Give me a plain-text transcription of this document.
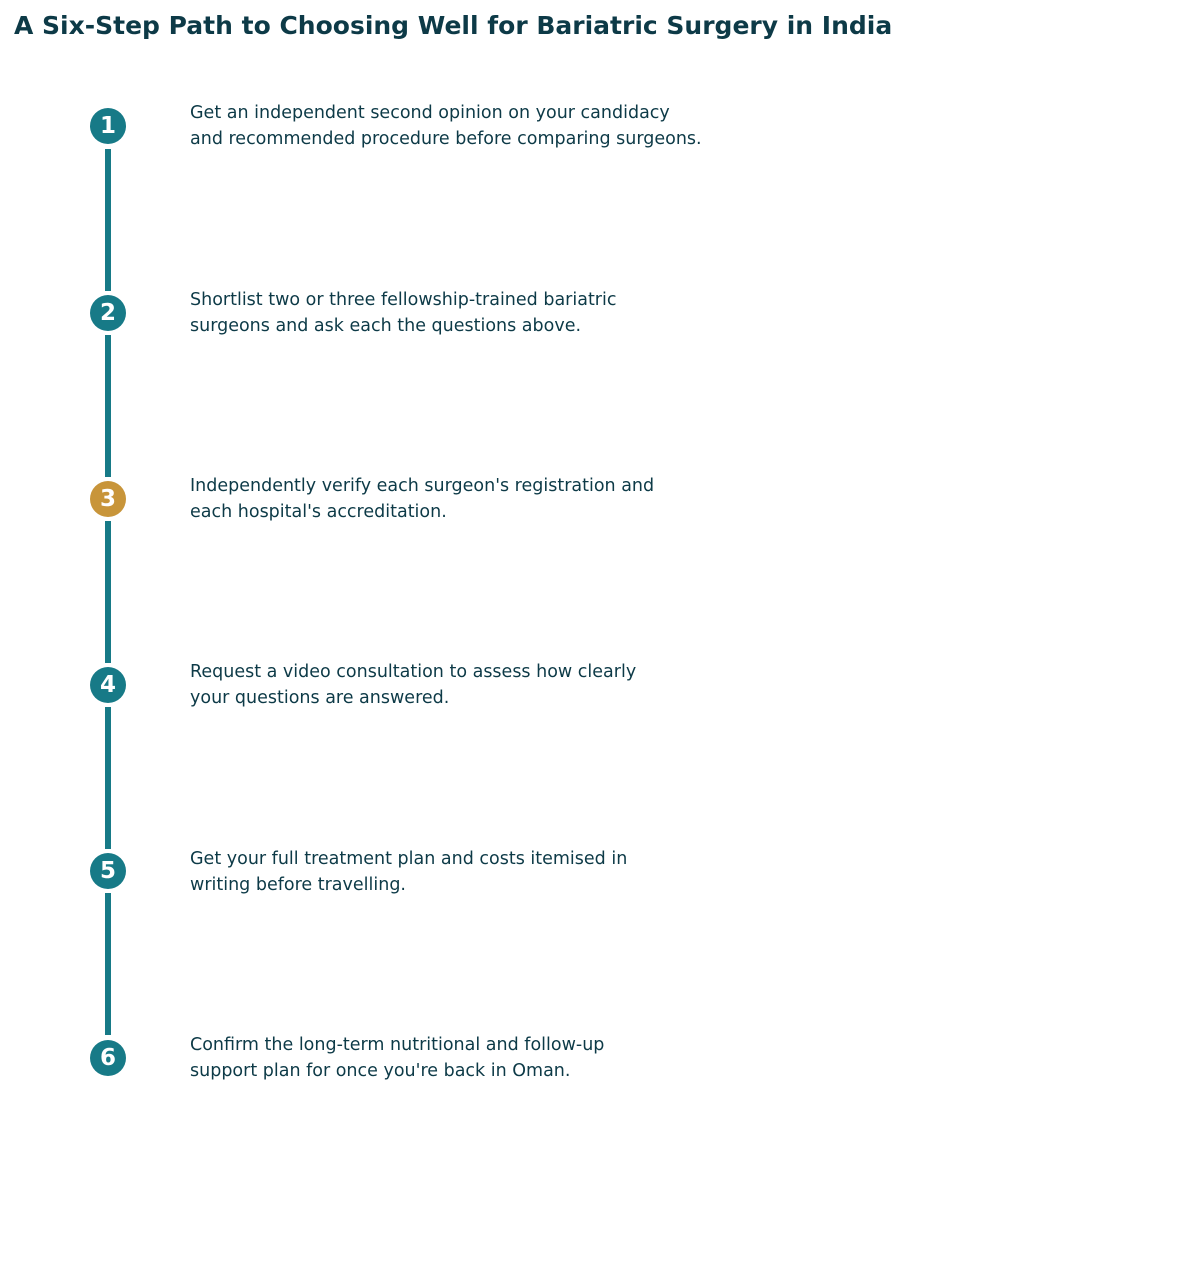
A Six-Step Path to Choosing Well for Bariatric Surgery in India
1	Get an independent second opinion on your candidacy
and recommended procedure before comparing surgeons.

2	Shortlist two or three fellowship-trained bariatric
surgeons and ask each the questions above.

3	Independently verify each surgeon's registration and
each hospital's accreditation.

4	Request a video consultation to assess how clearly
your questions are answered.

5	Get your full treatment plan and costs itemised in
writing before travelling.

6	Confirm the long-term nutritional and follow-up
support plan for once you're back in Oman.
